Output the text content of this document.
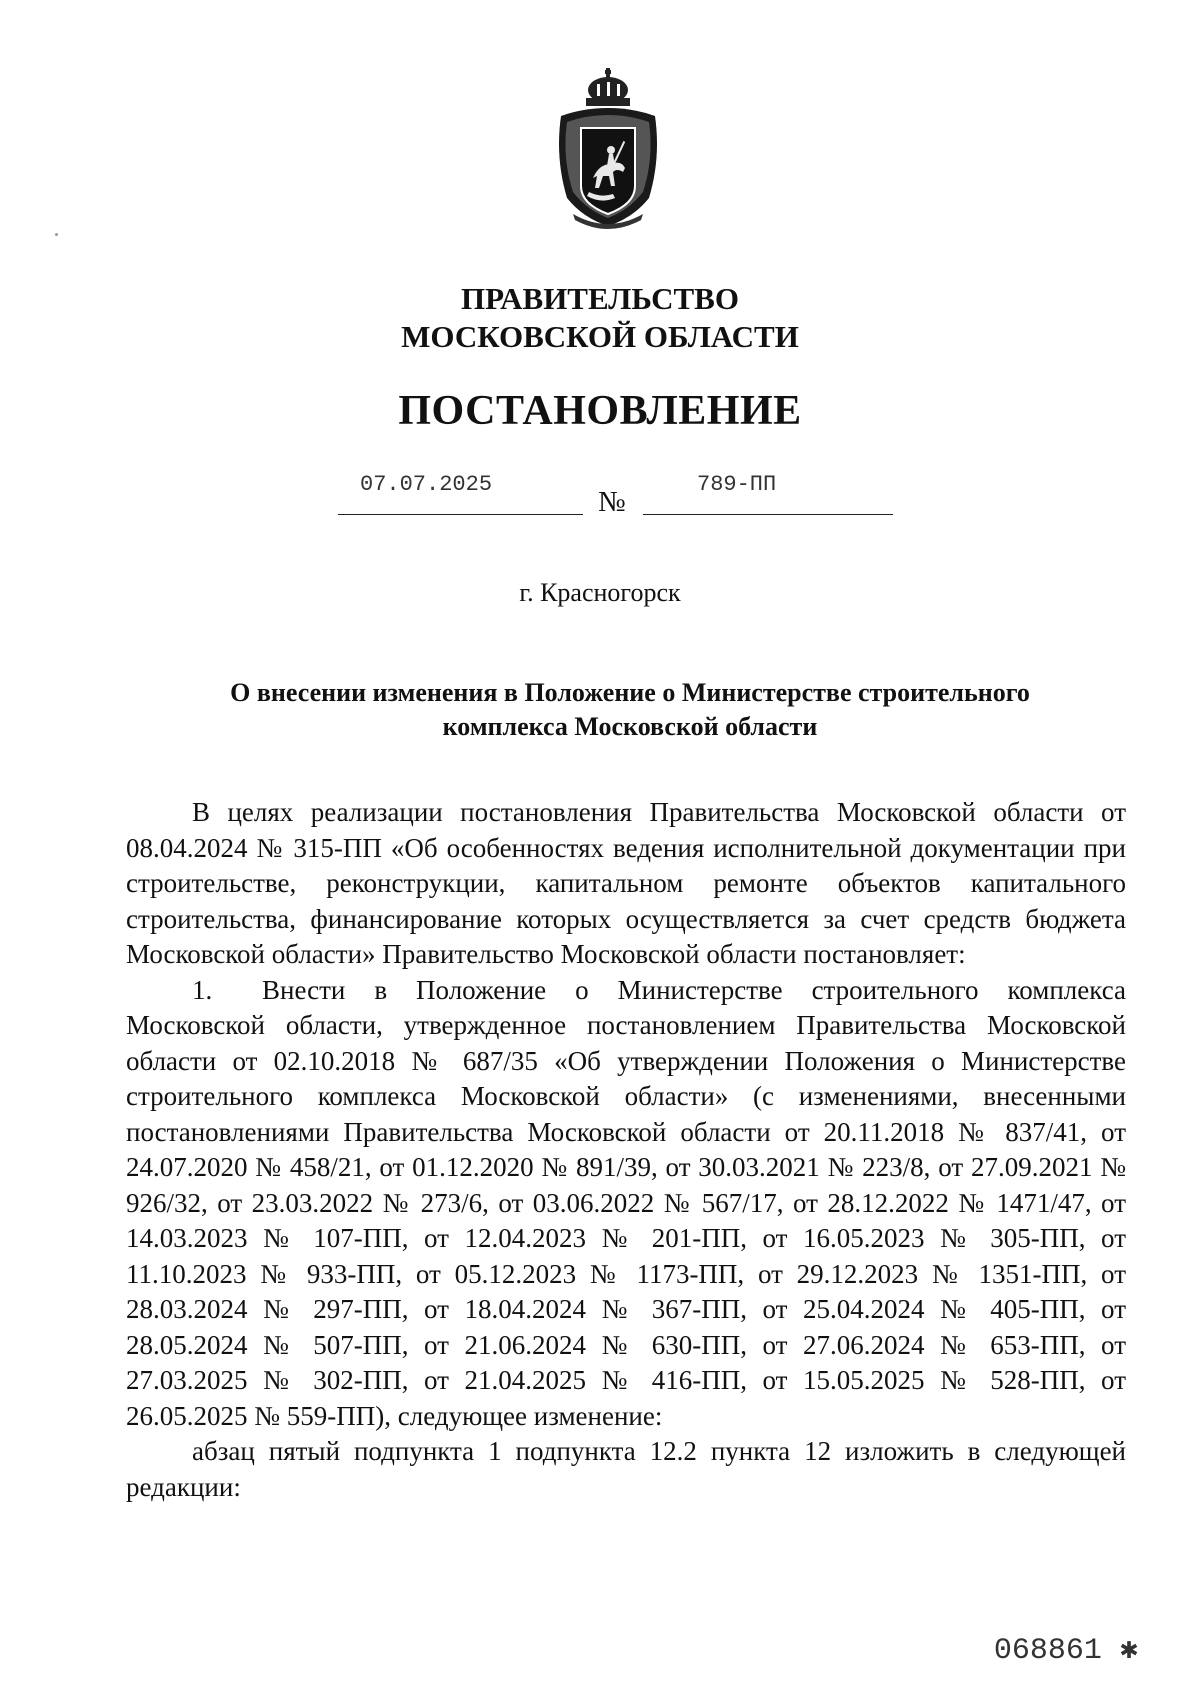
ПРАВИТЕЛЬСТВО
МОСКОВСКОЙ ОБЛАСТИ
ПОСТАНОВЛЕНИЕ
07.07.2025
№
789-ПП
г. Красногорск
О внесении изменения в Положение о Министерстве строительного
комплекса Московской области

В целях реализации постановления Правительства Московской области от 08.04.2024 № 315-ПП «Об особенностях ведения исполнительной документации при строительстве, реконструкции, капитальном ремонте объектов капитального строительства, финансирование которых осуществляется за счет средств бюджета Московской области» Правительство Московской области постановляет:

1. Внести в Положение о Министерстве строительного комплекса Московской области, утвержденное постановлением Правительства Московской области от 02.10.2018 № 687/35 «Об утверждении Положения о Министерстве строительного комплекса Московской области» (с изменениями, внесенными постановлениями Правительства Московской области от 20.11.2018 № 837/41, от 24.07.2020 № 458/21, от 01.12.2020 № 891/39, от 30.03.2021 № 223/8, от 27.09.2021 № 926/32, от 23.03.2022 № 273/6, от 03.06.2022 № 567/17, от 28.12.2022 № 1471/47, от 14.03.2023 № 107-ПП, от 12.04.2023 № 201-ПП, от 16.05.2023 № 305-ПП, от 11.10.2023 № 933-ПП, от 05.12.2023 № 1173-ПП, от 29.12.2023 № 1351-ПП, от 28.03.2024 № 297-ПП, от 18.04.2024 № 367-ПП, от 25.04.2024 № 405-ПП, от 28.05.2024 № 507-ПП, от 21.06.2024 № 630-ПП, от 27.06.2024 № 653-ПП, от 27.03.2025 № 302-ПП, от 21.04.2025 № 416-ПП, от 15.05.2025 № 528-ПП, от 26.05.2025 № 559-ПП), следующее изменение:

абзац пятый подпункта 1 подпункта 12.2 пункта 12 изложить в следующей редакции:

068861 ✱
